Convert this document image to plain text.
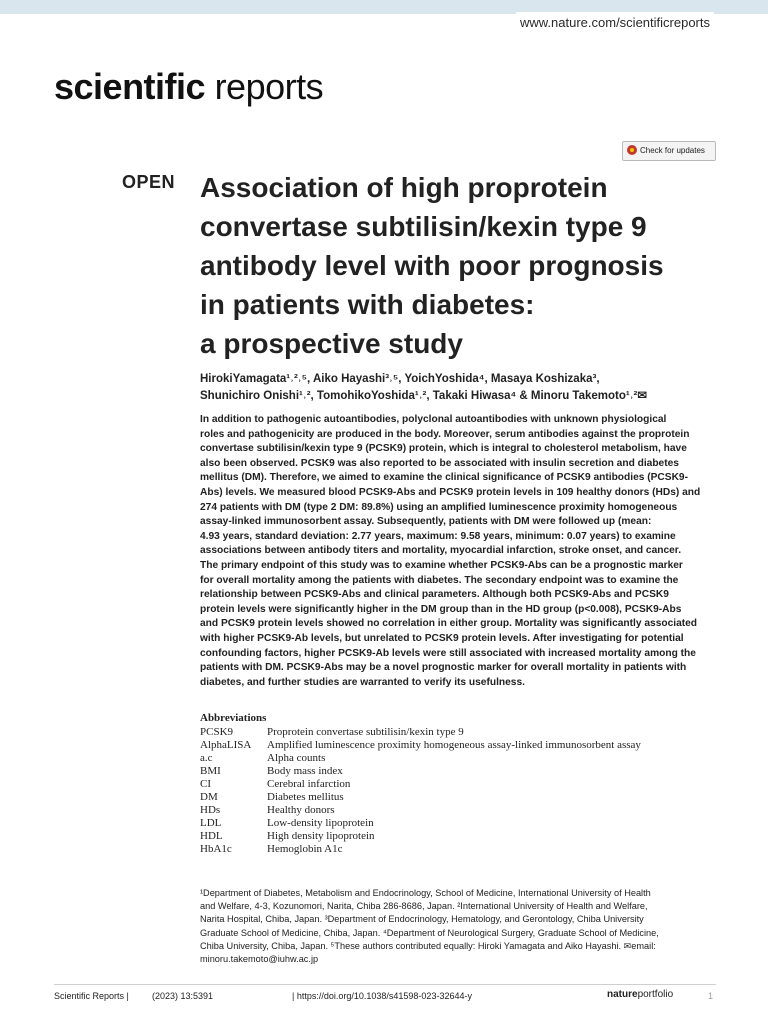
www.nature.com/scientificreports
scientific reports
Check for updates
OPEN Association of high proprotein
convertase subtilisin/kexin type 9
antibody level with poor prognosis
in patients with diabetes:
a prospective study
HirokiYamagata¹˒²˒⁵, Aiko Hayashi³˒⁵, YoichYoshida⁴, Masaya Koshizaka³,
Shunichiro Onishi¹˒², TomohikoYoshida¹˒², Takaki Hiwasa⁴ & Minoru Takemoto¹˒²✉
In addition to pathogenic autoantibodies, polyclonal autoantibodies with unknown physiological
roles and pathogenicity are produced in the body. Moreover, serum antibodies against the proprotein
convertase subtilisin/kexin type 9 (PCSK9) protein, which is integral to cholesterol metabolism, have
also been observed. PCSK9 was also reported to be associated with insulin secretion and diabetes
mellitus (DM). Therefore, we aimed to examine the clinical significance of PCSK9 antibodies (PCSK9-
Abs) levels. We measured blood PCSK9-Abs and PCSK9 protein levels in 109 healthy donors (HDs) and
274 patients with DM (type 2 DM: 89.8%) using an amplified luminescence proximity homogeneous
assay-linked immunosorbent assay. Subsequently, patients with DM were followed up (mean:
4.93 years, standard deviation: 2.77 years, maximum: 9.58 years, minimum: 0.07 years) to examine
associations between antibody titers and mortality, myocardial infarction, stroke onset, and cancer.
The primary endpoint of this study was to examine whether PCSK9-Abs can be a prognostic marker
for overall mortality among the patients with diabetes. The secondary endpoint was to examine the
relationship between PCSK9-Abs and clinical parameters. Although both PCSK9-Abs and PCSK9
protein levels were significantly higher in the DM group than in the HD group (p<0.008), PCSK9-Abs
and PCSK9 protein levels showed no correlation in either group. Mortality was significantly associated
with higher PCSK9-Ab levels, but unrelated to PCSK9 protein levels. After investigating for potential
confounding factors, higher PCSK9-Ab levels were still associated with increased mortality among the
patients with DM. PCSK9-Abs may be a novel prognostic marker for overall mortality in patients with
diabetes, and further studies are warranted to verify its usefulness.
Abbreviations
PCSK9	Proprotein convertase subtilisin/kexin type 9
AlphaLISA	Amplified luminescence proximity homogeneous assay-linked immunosorbent assay
a.c	Alpha counts
BMI	Body mass index
CI	Cerebral infarction
DM	Diabetes mellitus
HDs	Healthy donors
LDL	Low-density lipoprotein
HDL	High density lipoprotein
HbA1c	Hemoglobin A1c
¹Department of Diabetes, Metabolism and Endocrinology, School of Medicine, International University of Health
and Welfare, 4-3, Kozunomori, Narita, Chiba 286-8686, Japan. ²International University of Health and Welfare,
Narita Hospital, Chiba, Japan. ³Department of Endocrinology, Hematology, and Gerontology, Chiba University
Graduate School of Medicine, Chiba, Japan. ⁴Department of Neurological Surgery, Graduate School of Medicine,
Chiba University, Chiba, Japan. ⁵These authors contributed equally: Hiroki Yamagata and Aiko Hayashi. ✉email:
minoru.takemoto@iuhw.ac.jp
Scientific Reports |	(2023) 13:5391	| https://doi.org/10.1038/s41598-023-32644-y	natureportfolio	1
